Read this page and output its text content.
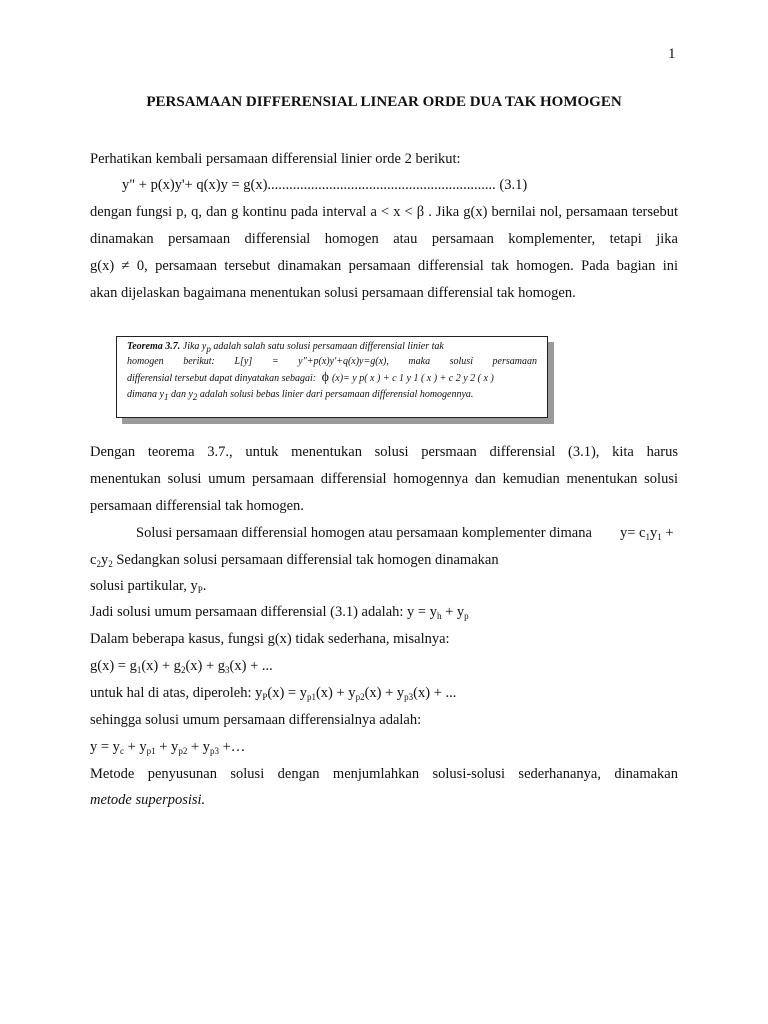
1
PERSAMAAN DIFFERENSIAL LINEAR ORDE DUA TAK HOMOGEN
Perhatikan kembali persamaan differensial linier orde 2 berikut:
y" + p(x)y'+ q(x)y = g(x)............................................................... (3.1)
dengan fungsi p, q, dan g kontinu pada interval a < x < β . Jika g(x) bernilai nol, persamaan tersebut
dinamakan persamaan differensial homogen atau persamaan komplementer, tetapi jika
g(x) ≠ 0, persamaan tersebut dinamakan persamaan differensial tak homogen. Pada bagian ini
akan dijelaskan bagaimana menentukan solusi persamaan differensial tak homogen.
Teorema 3.7. Jika $y_p$ adalah salah satu solusi persamaan differensial linier tak
homogen berikut: L[y] = y"+p(x)y'+q(x)y=g(x), maka solusi persamaan
differensial tersebut dapat dinyatakan sebagai: ϕ (x)= y p( x ) + c 1 y 1 ( x ) + c 2 y 2 ( x )
dimana $y_1$ dan $y_2$ adalah solusi bebas linier dari persamaan differensial homogennya.
Dengan teorema 3.7., untuk menentukan solusi persmaan differensial (3.1), kita harus
menentukan solusi umum persamaan differensial homogennya dan kemudian menentukan solusi
persamaan differensial tak homogen.
Solusi persamaan differensial homogen atau persamaan komplementer dimana $y= c_1y_1$ +
$c_2y_2$ Sedangkan solusi persamaan differensial tak homogen dinamakan
solusi partikular, $y_P$.
Jadi solusi umum persamaan differensial (3.1) adalah: $y = y_h + y_p$
Dalam beberapa kasus, fungsi g(x) tidak sederhana, misalnya:
$g(x) = g_1(x) + g_2(x) + g_3(x)$ + ...
untuk hal di atas, diperoleh: $y_P(x) = y_{p1}(x) + y_{p2}(x) + y_{p3}(x)$ + ...
sehingga solusi umum persamaan differensialnya adalah:
$y = y_c + y_{p1} + y_{p2} + y_{p3}$ +…
Metode penyusunan solusi dengan menjumlahkan solusi-solusi sederhananya, dinamakan
metode superposisi.
